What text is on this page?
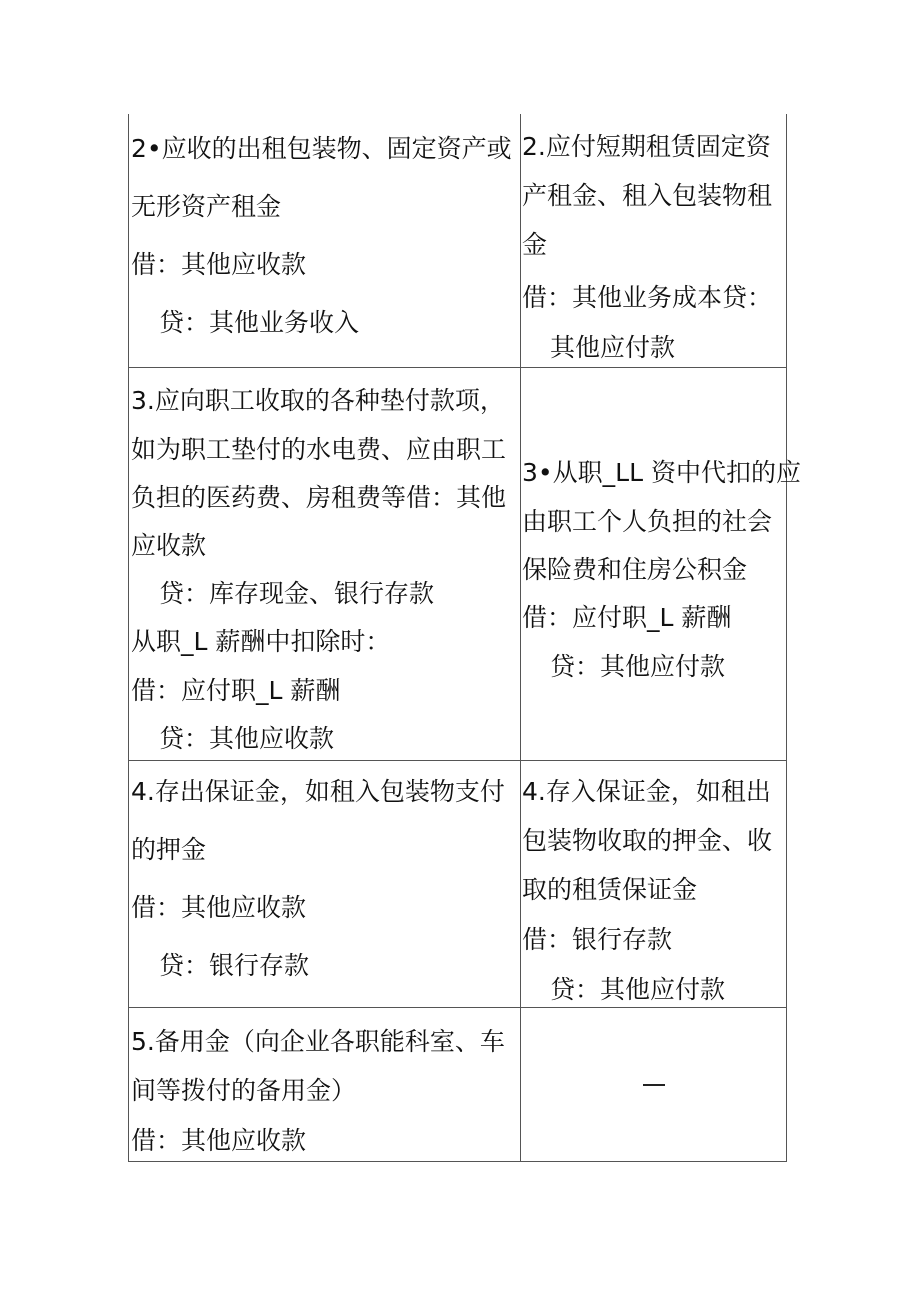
2•应收的出租包装物、固定资产或
无形资产租金
借：其他应收款
贷：其他业务收入
2.应付短期租赁固定资
产租金、租入包装物租
金
借：其他业务成本贷：
其他应付款
3.应向职工收取的各种垫付款项，
如为职工垫付的水电费、应由职工
负担的医药费、房租费等借：其他
应收款
贷：库存现金、银行存款
从职_L 薪酬中扣除时：
借：应付职_L 薪酬
贷：其他应收款
3•从职_LL 资中代扣的应
由职工个人负担的社会
保险费和住房公积金
借：应付职_L 薪酬
贷：其他应付款
4.存出保证金，如租入包装物支付
的押金
借：其他应收款
贷：银行存款
4.存入保证金，如租出
包装物收取的押金、收
取的租赁保证金
借：银行存款
贷：其他应付款
5.备用金（向企业各职能科室、车
间等拨付的备用金）
借：其他应收款
